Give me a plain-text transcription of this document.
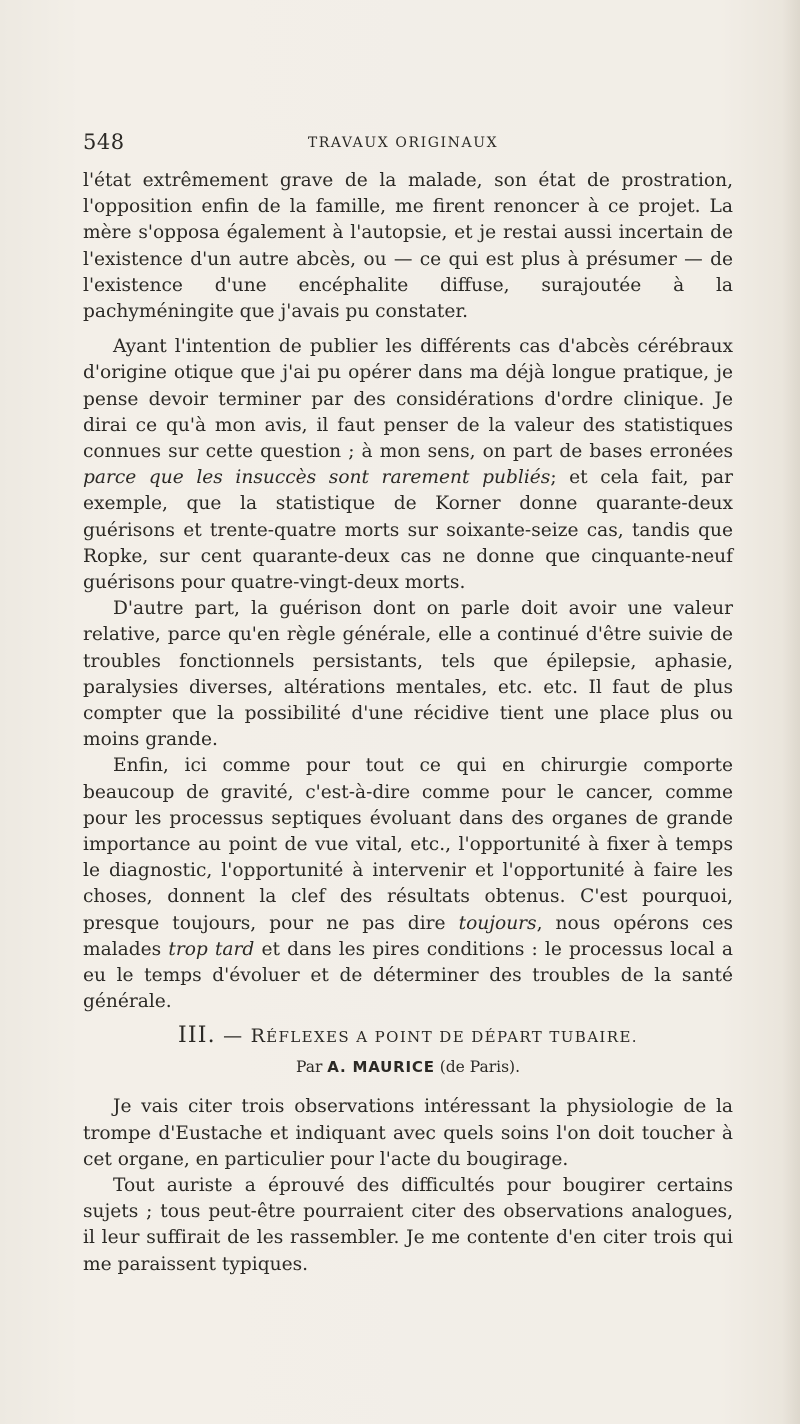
548	TRAVAUX ORIGINAUX

l'état extrêmement grave de la malade, son état de prostration, l'opposition enfin de la famille, me firent renoncer à ce projet. La mère s'opposa également à l'autopsie, et je restai aussi incertain de l'existence d'un autre abcès, ou — ce qui est plus à présumer — de l'existence d'une encéphalite diffuse, surajoutée à la pachyméningite que j'avais pu constater.

Ayant l'intention de publier les différents cas d'abcès cérébraux d'origine otique que j'ai pu opérer dans ma déjà longue pratique, je pense devoir terminer par des considérations d'ordre clinique. Je dirai ce qu'à mon avis, il faut penser de la valeur des statistiques connues sur cette question ; à mon sens, on part de bases erronées parce que les insuccès sont rarement publiés; et cela fait, par exemple, que la statistique de Korner donne quarante-deux guérisons et trente-quatre morts sur soixante-seize cas, tandis que Ropke, sur cent quarante-deux cas ne donne que cinquante-neuf guérisons pour quatre-vingt-deux morts.

D'autre part, la guérison dont on parle doit avoir une valeur relative, parce qu'en règle générale, elle a continué d'être suivie de troubles fonctionnels persistants, tels que épilepsie, aphasie, paralysies diverses, altérations mentales, etc. etc. Il faut de plus compter que la possibilité d'une récidive tient une place plus ou moins grande.

Enfin, ici comme pour tout ce qui en chirurgie comporte beaucoup de gravité, c'est-à-dire comme pour le cancer, comme pour les processus septiques évoluant dans des organes de grande importance au point de vue vital, etc., l'opportunité à fixer à temps le diagnostic, l'opportunité à intervenir et l'opportunité à faire les choses, donnent la clef des résultats obtenus. C'est pourquoi, presque toujours, pour ne pas dire toujours, nous opérons ces malades trop tard et dans les pires conditions : le processus local a eu le temps d'évoluer et de déterminer des troubles de la santé générale.

III. — RÉFLEXES A POINT DE DÉPART TUBAIRE.

Par A. MAURICE (de Paris).

Je vais citer trois observations intéressant la physiologie de la trompe d'Eustache et indiquant avec quels soins l'on doit toucher à cet organe, en particulier pour l'acte du bougirage.

Tout auriste a éprouvé des difficultés pour bougirer certains sujets ; tous peut-être pourraient citer des observations analogues, il leur suffirait de les rassembler. Je me contente d'en citer trois qui me paraissent typiques.
